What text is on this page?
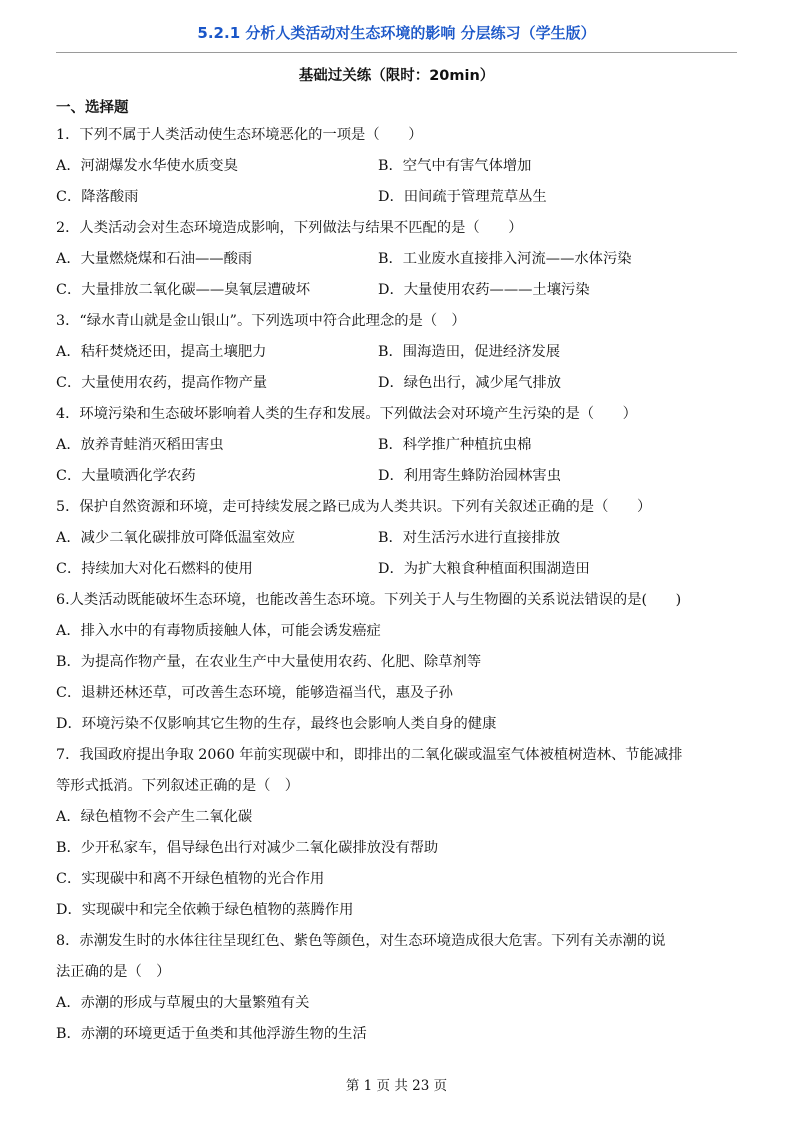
5.2.1 分析人类活动对生态环境的影响 分层练习（学生版）
基础过关练（限时：20min）
一、选择题
1．下列不属于人类活动使生态环境恶化的一项是（　　）
A．河湖爆发水华使水质变臭	B．空气中有害气体增加
C．降落酸雨	D．田间疏于管理荒草丛生
2．人类活动会对生态环境造成影响，下列做法与结果不匹配的是（　　）
A．大量燃烧煤和石油——酸雨	B．工业废水直接排入河流——水体污染
C．大量排放二氧化碳——臭氧层遭破坏	D．大量使用农药———土壤污染
3．“绿水青山就是金山银山”。下列选项中符合此理念的是（　）
A．秸秆焚烧还田，提高土壤肥力	B．围海造田，促进经济发展
C．大量使用农药，提高作物产量	D．绿色出行，减少尾气排放
4．环境污染和生态破坏影响着人类的生存和发展。下列做法会对环境产生污染的是（　　）
A．放养青蛙消灭稻田害虫	B．科学推广种植抗虫棉
C．大量喷洒化学农药	D．利用寄生蜂防治园林害虫
5．保护自然资源和环境，走可持续发展之路已成为人类共识。下列有关叙述正确的是（　　）
A．减少二氧化碳排放可降低温室效应	B．对生活污水进行直接排放
C．持续加大对化石燃料的使用	D．为扩大粮食种植面积围湖造田
6.人类活动既能破坏生态环境，也能改善生态环境。下列关于人与生物圈的关系说法错误的是(　　)
A．排入水中的有毒物质接触人体，可能会诱发癌症
B．为提高作物产量，在农业生产中大量使用农药、化肥、除草剂等
C．退耕还林还草，可改善生态环境，能够造福当代，惠及子孙
D．环境污染不仅影响其它生物的生存，最终也会影响人类自身的健康
7．我国政府提出争取 2060 年前实现碳中和，即排出的二氧化碳或温室气体被植树造林、节能减排
等形式抵消。下列叙述正确的是（　）
A．绿色植物不会产生二氧化碳
B．少开私家车，倡导绿色出行对减少二氧化碳排放没有帮助
C．实现碳中和离不开绿色植物的光合作用
D．实现碳中和完全依赖于绿色植物的蒸腾作用
8．赤潮发生时的水体往往呈现红色、紫色等颜色，对生态环境造成很大危害。下列有关赤潮的说
法正确的是（　）
A．赤潮的形成与草履虫的大量繁殖有关
B．赤潮的环境更适于鱼类和其他浮游生物的生活
第 1 页 共 23 页
